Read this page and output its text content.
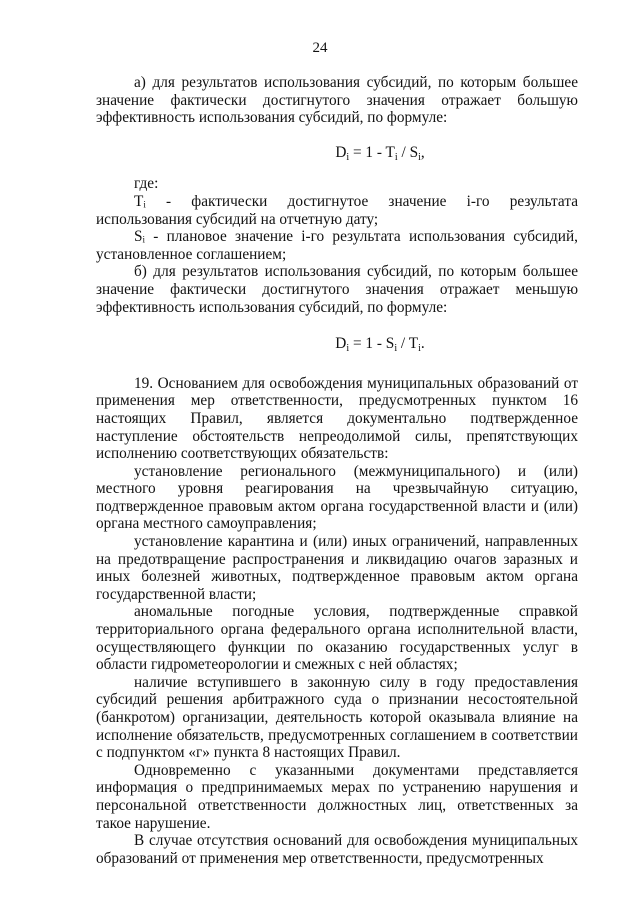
24

а) для результатов использования субсидий, по которым большее значение фактически достигнутого значения отражает большую эффективность использования субсидий, по формуле:

$D_i = 1 - T_i / S_i$,

где:

Tᵢ - фактически достигнутое значение i-го результата использования субсидий на отчетную дату;

Sᵢ - плановое значение i-го результата использования субсидий, установленное соглашением;

б) для результатов использования субсидий, по которым большее значение фактически достигнутого значения отражает меньшую эффективность использования субсидий, по формуле:

$D_i = 1 - S_i / T_i$.

19. Основанием для освобождения муниципальных образований от применения мер ответственности, предусмотренных пунктом 16 настоящих Правил, является документально подтвержденное наступление обстоятельств непреодолимой силы, препятствующих исполнению соответствующих обязательств:

установление регионального (межмуниципального) и (или) местного уровня реагирования на чрезвычайную ситуацию, подтвержденное правовым актом органа государственной власти и (или) органа местного самоуправления;

установление карантина и (или) иных ограничений, направленных на предотвращение распространения и ликвидацию очагов заразных и иных болезней животных, подтвержденное правовым актом органа государственной власти;

аномальные погодные условия, подтвержденные справкой территориального органа федерального органа исполнительной власти, осуществляющего функции по оказанию государственных услуг в области гидрометеорологии и смежных с ней областях;

наличие вступившего в законную силу в году предоставления субсидий решения арбитражного суда о признании несостоятельной (банкротом) организации, деятельность которой оказывала влияние на исполнение обязательств, предусмотренных соглашением в соответствии с подпунктом «г» пункта 8 настоящих Правил.

Одновременно с указанными документами представляется информация о предпринимаемых мерах по устранению нарушения и персональной ответственности должностных лиц, ответственных за такое нарушение.

В случае отсутствия оснований для освобождения муниципальных образований от применения мер ответственности, предусмотренных
